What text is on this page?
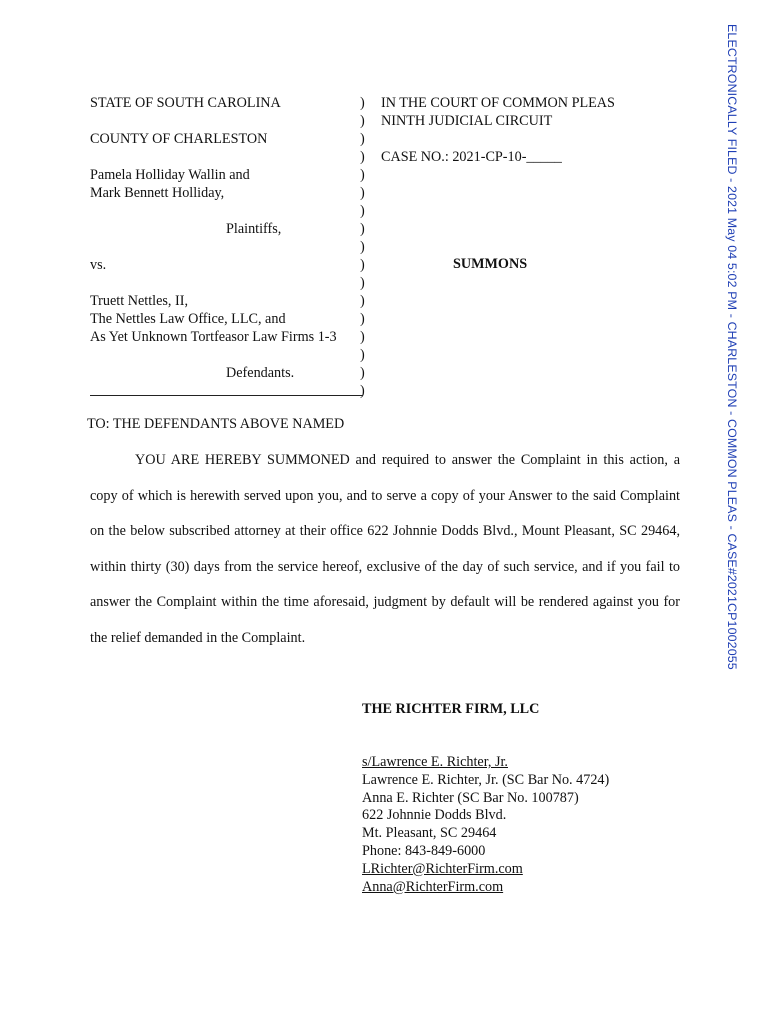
ELECTRONICALLY FILED - 2021 May 04 5:02 PM - CHARLESTON - COMMON PLEAS - CASE#2021CP1002055
STATE OF SOUTH CAROLINA
COUNTY OF CHARLESTON
Pamela Holliday Wallin and
Mark Bennett Holliday,
Plaintiffs,
vs.
Truett Nettles, II,
The Nettles Law Office, LLC, and
As Yet Unknown Tortfeasor Law Firms 1-3
Defendants.
)
)
)
)
)
)
)
)
)
)
)
)
)
)
)
)
)
IN THE COURT OF COMMON PLEAS
NINTH JUDICIAL CIRCUIT
CASE NO.: 2021-CP-10-_____
SUMMONS
TO: THE DEFENDANTS ABOVE NAMED

YOU ARE HEREBY SUMMONED and required to answer the Complaint in this action, a copy of which is herewith served upon you, and to serve a copy of your Answer to the said Complaint on the below subscribed attorney at their office 622 Johnnie Dodds Blvd., Mount Pleasant, SC 29464, within thirty (30) days from the service hereof, exclusive of the day of such service, and if you fail to answer the Complaint within the time aforesaid, judgment by default will be rendered against you for the relief demanded in the Complaint.

THE RICHTER FIRM, LLC
s/Lawrence E. Richter, Jr.
Lawrence E. Richter, Jr. (SC Bar No. 4724)
Anna E. Richter (SC Bar No. 100787)
622 Johnnie Dodds Blvd.
Mt. Pleasant, SC 29464
Phone: 843-849-6000
LRichter@RichterFirm.com
Anna@RichterFirm.com
